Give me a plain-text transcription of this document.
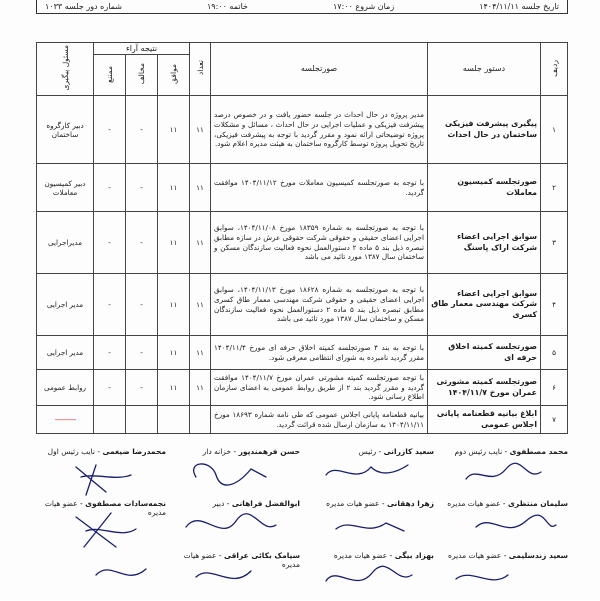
تاریخ جلسه ۱۴۰۴/۱۱/۱۱
زمان شروع ۱۷:۰۰
خاتمه ۱۹:۰۰
شماره دور جلسه ۱۰۳۳
ردیف	دستور جلسه	صورتجلسه	تعداد	نتیجه آراء			مسئول پیگیری
				موافق	مخالف	ممتنع	
۱	پیگیری پیشرفت فیزیکی ساختمان در حال احداث	مدیر پروژه در حال احداث در جلسه حضور یافت و در خصوص درصد پیشرفت فیزیکی و عملیات اجرایی در حال احداث ، مسائل و مشکلات پروژه توضیحاتی ارائه نمود و مقرر گردید با توجه به پیشرفت فیزیکی، تاریخ تحویل پروژه توسط کارگروه ساختمان به هیئت مدیره اعلام شود.	۱۱	۱۱	-	-	دبیر کارگروه ساختمان
۲	صورتجلسه کمیسیون معاملات	با توجه به صورتجلسه کمیسیون معاملات مورخ ۱۴۰۴/۱۱/۱۲ موافقت گردید.	۱۱	۱۱	-	-	دبیر کمیسیون معاملات
۳	سوابق اجرایی اعضاء شرکت اراک پاسنگ	با توجه به صورتجلسه به شماره ۱۸۳۵۹ مورخ ۱۴۰۴/۱۱/۰۸، سوابق اجرایی اعضای حقیقی و حقوقی شرکت حقوقی عرش در سازه مطابق تبصره ذیل بند ۵ ماده ۲ دستورالعمل نحوه فعالیت سازندگان مسکن و ساختمان سال ۱۳۸۷ مورد تائید می باشد	۱۱	۱۱	-	-	مدیراجرایی
۴	سوابق اجرایی اعضاء شرکت مهندسی معمار طاق کسری	با توجه به صورتجلسه به شماره ۱۸۶۲۸ مورخ ۱۴۰۴/۱۱/۱۳، سوابق اجرایی اعضای حقیقی و حقوقی شرکت مهندسی معمار طاق کسری مطابق تبصره ذیل بند ۵ ماده ۲ دستورالعمل نحوه فعالیت سازندگان مسکن و ساختمان سال ۱۳۸۷ مورد تائید می باشد	۱۱	۱۱	-	-	مدیر اجرایی
۵	صورتجلسه کمیته اخلاق حرفه ای	با توجه به بند ۴ صورتجلسه کمیته اخلاق حرفه ای مورخ ۱۴۰۴/۱۱/۴ مقرر گردید نامبرده به شورای انتظامی معرفی شود.	۱۱	۱۱	-	-	مدیر اجرایی
۶	صورتجلسه کمیته مشورتی عمران مورخ ۱۴۰۴/۱۱/۷	با توجه صورتجلسه کمیته مشورتی عمران مورخ ۱۴۰۴/۱۱/۷ موافقت گردید و مقرر گردید بند ۲ از طریق روابط عمومی به اعضای سازمان اطلاع رسانی شود.	۱۱	۱۱	-	-	روابط عمومی
۷	ابلاغ بیانیه قطعنامه پایانی اجلاس عمومی	بیانیه قطعنامه پایانی اجلاس عمومی که طی نامه شماره ۱۸۶۹۳ مورخ ۱۴۰۴/۱۱/۱۱ به سازمان ارسال شده قرائت گردید.					-------------
محمد مصطفوی - نایب رئیس دوم
سعید کازرانی - رئیس
حسن فرهمندپور - خزانه دار
محمدرضا ضیغمی - نایب رئیس اول
سلیمان منتظری - عضو هیات مدیره
زهرا دهقانی - عضو هیات مدیره
ابوالفضل فراهانی - دبیر
نجمه‌سادات مصطفوی - عضو هیات مدیره
سعید زندسلیمی - عضو هیات مدیره
بهزاد بیگی - عضو هیات مدیره
سیامک بکائی عراقی - عضو هیات مدیره
